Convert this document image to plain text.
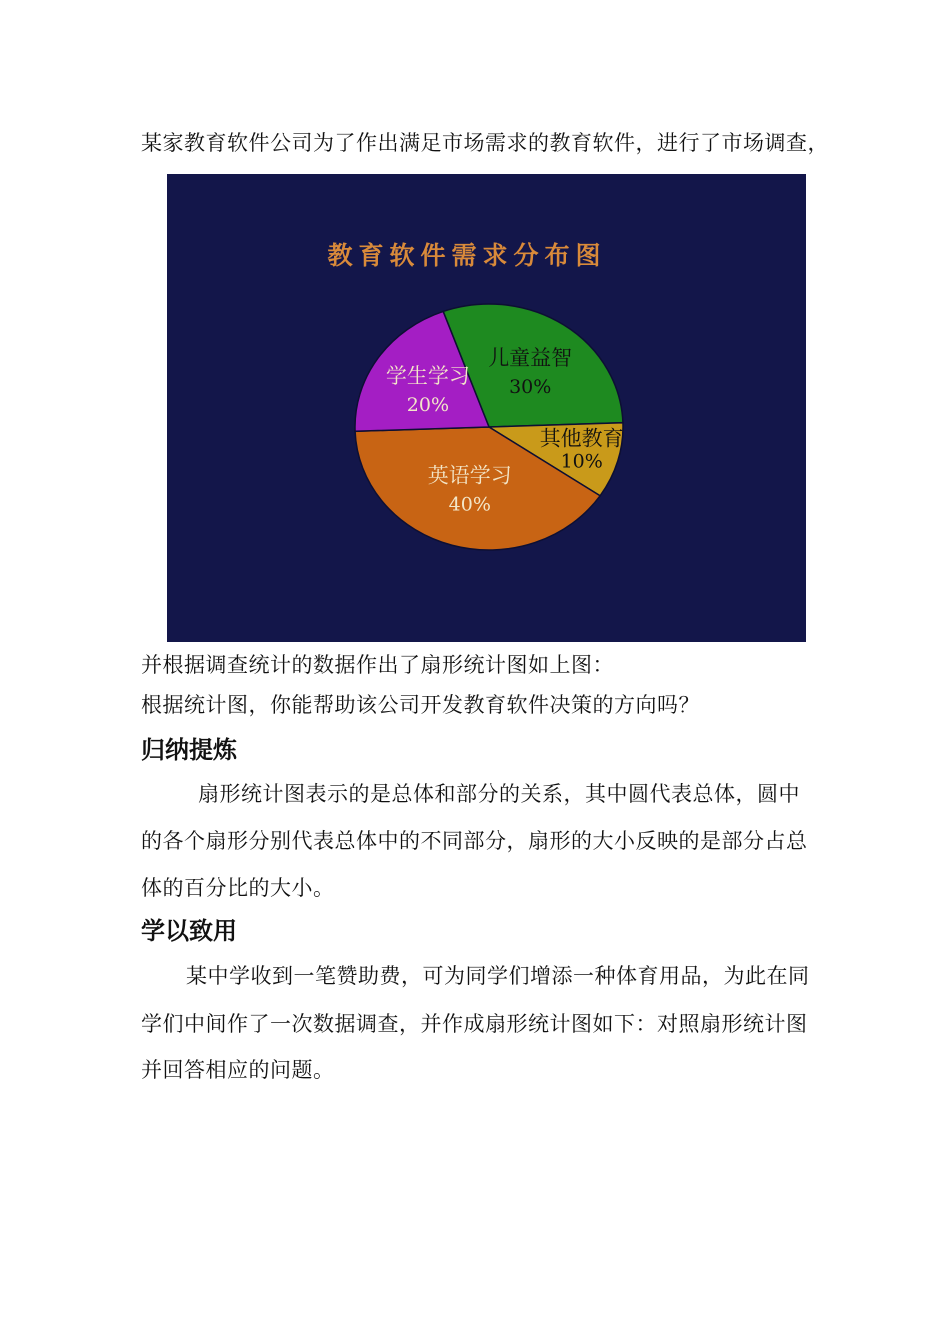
某家教育软件公司为了作出满足市场需求的教育软件，进行了市场调查，
教育软件需求分布图
儿童益智
30%
其他教育
10%
英语学习
40%
学生学习
20%
并根据调查统计的数据作出了扇形统计图如上图：
根据统计图，你能帮助该公司开发教育软件决策的方向吗？
归纳提炼
扇形统计图表示的是总体和部分的关系，其中圆代表总体，圆中
的各个扇形分别代表总体中的不同部分，扇形的大小反映的是部分占总
体的百分比的大小。
学以致用
某中学收到一笔赞助费，可为同学们增添一种体育用品，为此在同
学们中间作了一次数据调查，并作成扇形统计图如下：对照扇形统计图
并回答相应的问题。
